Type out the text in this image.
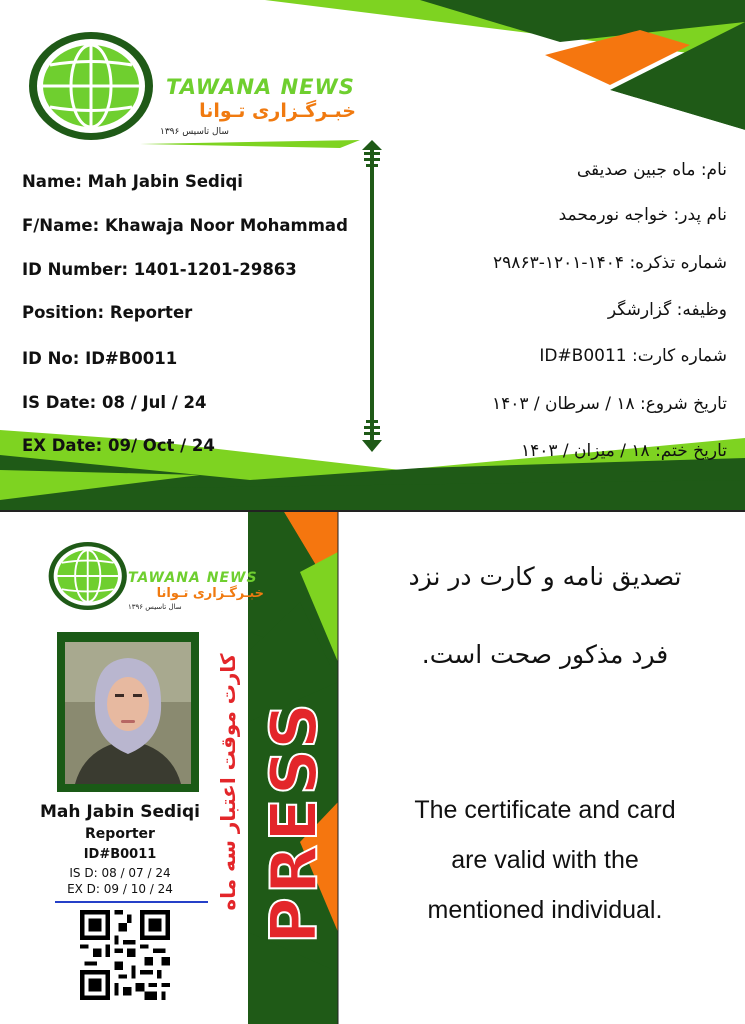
TAWANA NEWS
خبـرگـزاری تـوانا
سال تاسیس ۱۳۹۶
Name: Mah Jabin Sediqi
F/Name: Khawaja Noor Mohammad
ID Number: 1401-1201-29863
Position: Reporter
ID No: ID#B0011
IS Date: 08 / Jul / 24
EX Date: 09/ Oct / 24
نام: ماه جبین صدیقی
نام پدر: خواجه نورمحمد
شماره تذکره: ۱۴۰۴-۱۲۰۱-۲۹۸۶۳
وظیفه: گزارشگر
شماره کارت: ID#B0011
تاریخ شروع: ۱۸ / سرطان / ۱۴۰۳
تاریخ ختم: ۱۸ / میزان / ۱۴۰۳
TAWANA NEWS
خبـرگـزاری تـوانا
سال تاسیس ۱۳۹۶
Mah Jabin Sediqi
Reporter
ID#B0011
IS D: 08 / 07 / 24
EX D: 09 / 10 / 24	PRESS
کارت موقت اعتبار سه ماه
تصدیق نامه و کارت در نزد
فرد مذکور صحت است.
The certificate and card
are valid with the
mentioned individual.
